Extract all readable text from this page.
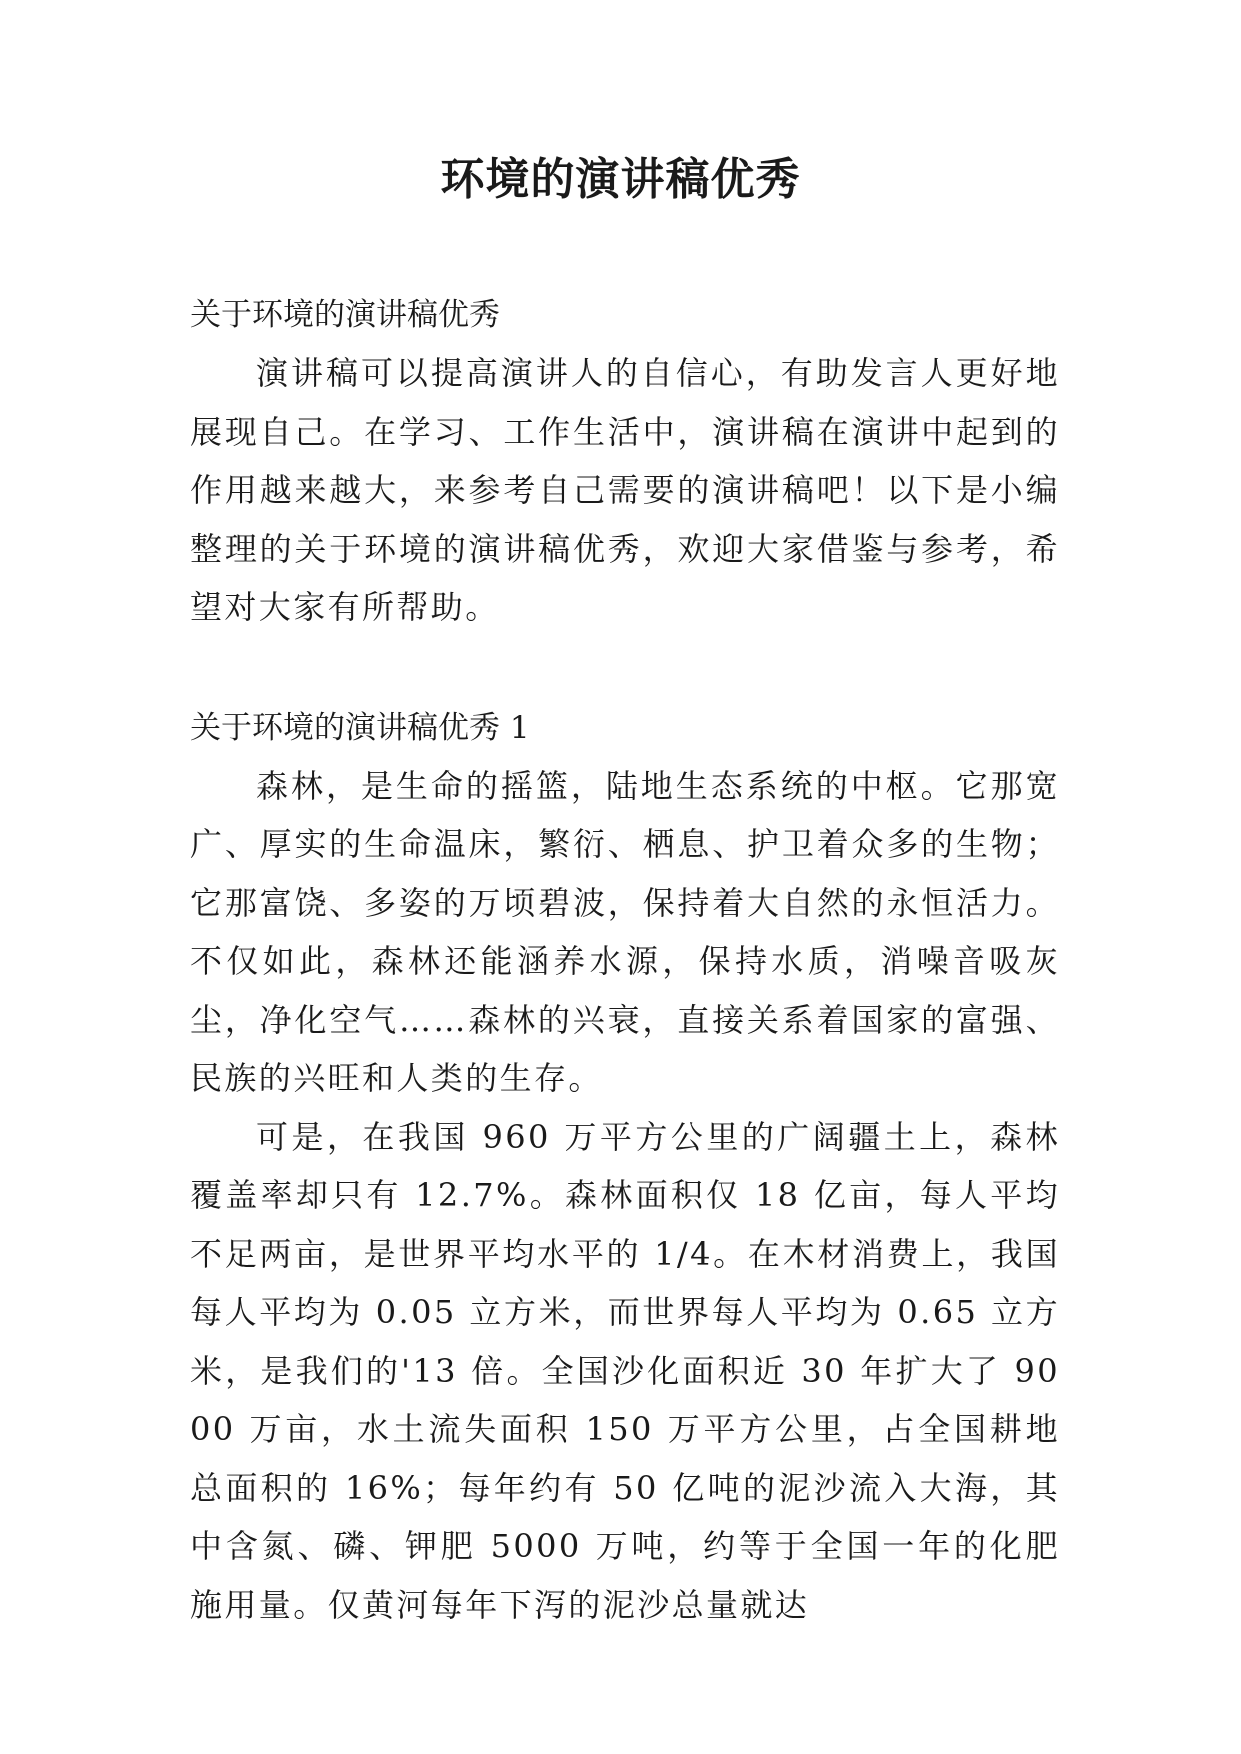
环境的演讲稿优秀

关于环境的演讲稿优秀

演讲稿可以提高演讲人的自信心，有助发言人更好地展现自己。在学习、工作生活中，演讲稿在演讲中起到的作用越来越大，来参考自己需要的演讲稿吧！以下是小编整理的关于环境的演讲稿优秀，欢迎大家借鉴与参考，希望对大家有所帮助。

关于环境的演讲稿优秀 1

森林，是生命的摇篮，陆地生态系统的中枢。它那宽广、厚实的生命温床，繁衍、栖息、护卫着众多的生物；它那富饶、多姿的万顷碧波，保持着大自然的永恒活力。不仅如此，森林还能涵养水源，保持水质，消噪音吸灰尘，净化空气……森林的兴衰，直接关系着国家的富强、民族的兴旺和人类的生存。

可是，在我国 960 万平方公里的广阔疆土上，森林覆盖率却只有 12.7%。森林面积仅 18 亿亩，每人平均不足两亩，是世界平均水平的 1/4。在木材消费上，我国每人平均为 0.05 立方米，而世界每人平均为 0.65 立方米，是我们的'13 倍。全国沙化面积近 30 年扩大了 9000 万亩，水土流失面积 150 万平方公里，占全国耕地总面积的 16%；每年约有 50 亿吨的泥沙流入大海，其中含氮、磷、钾肥 5000 万吨，约等于全国一年的化肥施用量。仅黄河每年下泻的泥沙总量就达
